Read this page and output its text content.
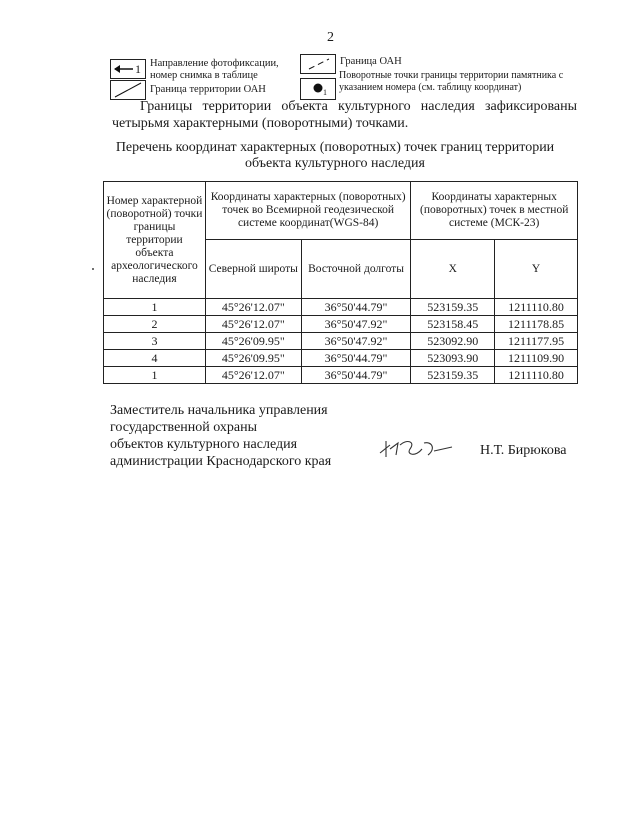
2
1 Направление фотофиксации, номер снимка в таблице
Граница территории ОАН
Граница ОАН
1
Поворотные точки границы территории памятника с указанием номера (см. таблицу координат)
Границы территории объекта культурного наследия зафиксированы четырьмя характерными (поворотными) точками.
Перечень координат характерных (поворотных) точек границ территории объекта культурного наследия
Номер характерной (поворотной) точки границы территории объекта археологического наследия	Координаты характерных (поворотных) точек во Всемирной геодезической системе координат(WGS-84)		Координаты характерных (поворотных) точек в местной системе (МСК-23)	
	Северной широты	Восточной долготы	X	Y
1	45°26'12.07"	36°50'44.79"	523159.35	1211110.80
2	45°26'12.07"	36°50'47.92"	523158.45	1211178.85
3	45°26'09.95"	36°50'47.92"	523092.90	1211177.95
4	45°26'09.95"	36°50'44.79"	523093.90	1211109.90
1	45°26'12.07"	36°50'44.79"	523159.35	1211110.80
Заместитель начальника управления
государственной охраны
объектов культурного наследия
администрации Краснодарского края
Н.Т. Бирюкова
